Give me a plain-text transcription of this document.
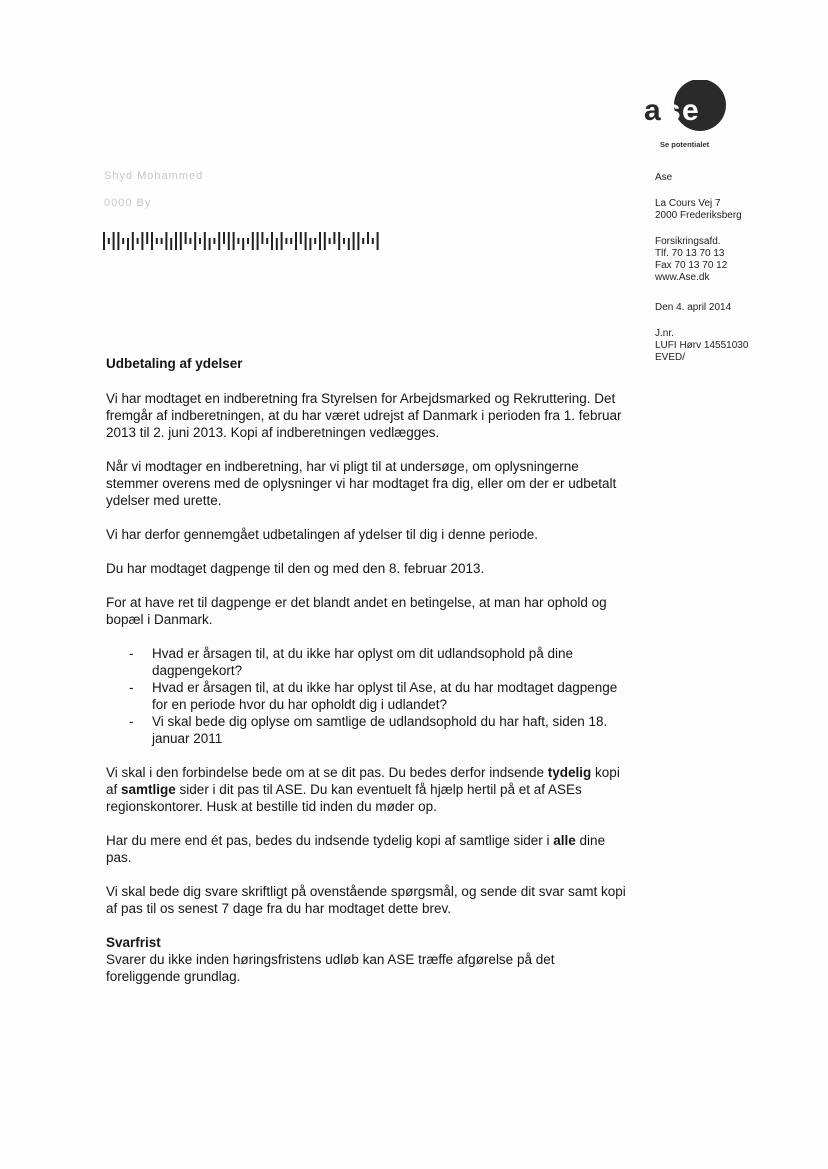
a s e
Se potentialet
Shyd Mohammed
0000 By
Ase
La Cours Vej 7
2000 Frederiksberg
Forsikringsafd.
Tlf. 70 13 70 13
Fax 70 13 70 12
www.Ase.dk
Den 4. april 2014
J.nr.
LUFI Hørv 14551030
EVED/

Udbetaling af ydelser

Vi har modtaget en indberetning fra Styrelsen for Arbejdsmarked og Rekruttering. Det fremgår af indberetningen, at du har været udrejst af Danmark i perioden fra 1. februar 2013 til 2. juni 2013. Kopi af indberetningen vedlægges.

Når vi modtager en indberetning, har vi pligt til at undersøge, om oplysningerne stemmer overens med de oplysninger vi har modtaget fra dig, eller om der er udbetalt ydelser med urette.

Vi har derfor gennemgået udbetalingen af ydelser til dig i denne periode.

Du har modtaget dagpenge til den og med den 8. februar 2013.

For at have ret til dagpenge er det blandt andet en betingelse, at man har ophold og bopæl i Danmark.

- Hvad er årsagen til, at du ikke har oplyst om dit udlandsophold på dine dagpengekort?
- Hvad er årsagen til, at du ikke har oplyst til Ase, at du har modtaget dagpenge for en periode hvor du har opholdt dig i udlandet?
- Vi skal bede dig oplyse om samtlige de udlandsophold du har haft, siden 18. januar 2011

Vi skal i den forbindelse bede om at se dit pas. Du bedes derfor indsende tydelig kopi af samtlige sider i dit pas til ASE. Du kan eventuelt få hjælp hertil på et af ASEs regionskontorer. Husk at bestille tid inden du møder op.

Har du mere end ét pas, bedes du indsende tydelig kopi af samtlige sider i alle dine pas.

Vi skal bede dig svare skriftligt på ovenstående spørgsmål, og sende dit svar samt kopi af pas til os senest 7 dage fra du har modtaget dette brev.

Svarfrist

Svarer du ikke inden høringsfristens udløb kan ASE træffe afgørelse på det foreliggende grundlag.
